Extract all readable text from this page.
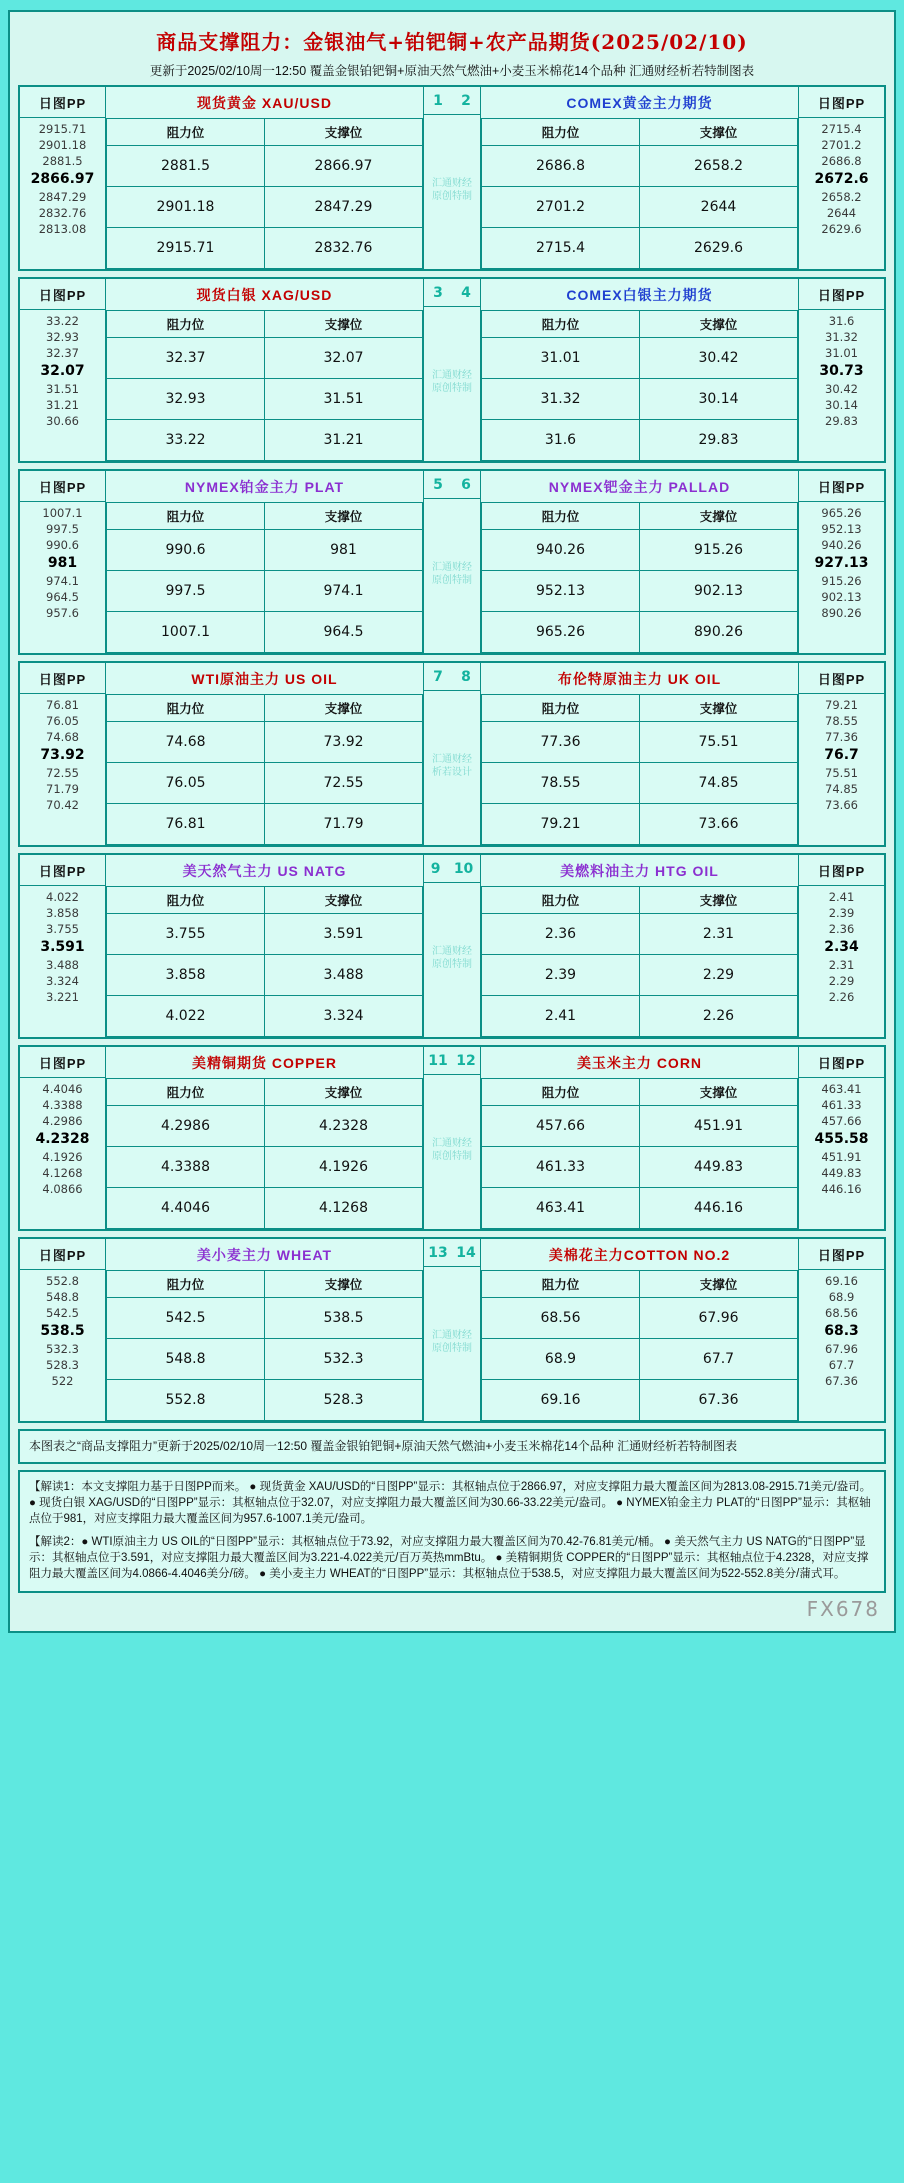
商品支撑阻力：金银油气+铂钯铜+农产品期货(2025/02/10)
更新于2025/02/10周一12:50 覆盖金银铂钯铜+原油天然气燃油+小麦玉米棉花14个品种 汇通财经析若特制图表
日图PP
2915.71
2901.18
2881.5
2866.97
2847.29
2832.76
2813.08
现货黄金 XAU/USD
阻力位	支撑位
2881.5	2866.97
2901.18	2847.29
2915.71	2832.76
1 2
汇通财经
原创特制
COMEX黄金主力期货
阻力位	支撑位
2686.8	2658.2
2701.2	2644
2715.4	2629.6
日图PP
2715.4
2701.2
2686.8
2672.6
2658.2
2644
2629.6
日图PP
33.22
32.93
32.37
32.07
31.51
31.21
30.66
现货白银 XAG/USD
阻力位	支撑位
32.37	32.07
32.93	31.51
33.22	31.21
3 4
汇通财经
原创特制
COMEX白银主力期货
阻力位	支撑位
31.01	30.42
31.32	30.14
31.6	29.83
日图PP
31.6
31.32
31.01
30.73
30.42
30.14
29.83
日图PP
1007.1
997.5
990.6
981
974.1
964.5
957.6
NYMEX铂金主力 PLAT
阻力位	支撑位
990.6	981
997.5	974.1
1007.1	964.5
5 6
汇通财经
原创特制
NYMEX钯金主力 PALLAD
阻力位	支撑位
940.26	915.26
952.13	902.13
965.26	890.26
日图PP
965.26
952.13
940.26
927.13
915.26
902.13
890.26
日图PP
76.81
76.05
74.68
73.92
72.55
71.79
70.42
WTI原油主力 US OIL
阻力位	支撑位
74.68	73.92
76.05	72.55
76.81	71.79
7 8
汇通财经
析若设计
布伦特原油主力 UK OIL
阻力位	支撑位
77.36	75.51
78.55	74.85
79.21	73.66
日图PP
79.21
78.55
77.36
76.7
75.51
74.85
73.66
日图PP
4.022
3.858
3.755
3.591
3.488
3.324
3.221
美天然气主力 US NATG
阻力位	支撑位
3.755	3.591
3.858	3.488
4.022	3.324
9 10
汇通财经
原创特制
美燃料油主力 HTG OIL
阻力位	支撑位
2.36	2.31
2.39	2.29
2.41	2.26
日图PP
2.41
2.39
2.36
2.34
2.31
2.29
2.26
日图PP
4.4046
4.3388
4.2986
4.2328
4.1926
4.1268
4.0866
美精铜期货 COPPER
阻力位	支撑位
4.2986	4.2328
4.3388	4.1926
4.4046	4.1268
11 12
汇通财经
原创特制
美玉米主力 CORN
阻力位	支撑位
457.66	451.91
461.33	449.83
463.41	446.16
日图PP
463.41
461.33
457.66
455.58
451.91
449.83
446.16
日图PP
552.8
548.8
542.5
538.5
532.3
528.3
522
美小麦主力 WHEAT
阻力位	支撑位
542.5	538.5
548.8	532.3
552.8	528.3
13 14
汇通财经
原创特制
美棉花主力COTTON NO.2
阻力位	支撑位
68.56	67.96
68.9	67.7
69.16	67.36
日图PP
69.16
68.9
68.56
68.3
67.96
67.7
67.36
本图表之“商品支撑阻力”更新于2025/02/10周一12:50 覆盖金银铂钯铜+原油天然气燃油+小麦玉米棉花14个品种 汇通财经析若特制图表

【解读1：本文支撑阻力基于日图PP而来。 ● 现货黄金 XAU/USD的“日图PP”显示：其枢轴点位于2866.97，对应支撑阻力最大覆盖区间为2813.08-2915.71美元/盎司。 ● 现货白银 XAG/USD的“日图PP”显示：其枢轴点位于32.07，对应支撑阻力最大覆盖区间为30.66-33.22美元/盎司。 ● NYMEX铂金主力 PLAT的“日图PP”显示：其枢轴点位于981，对应支撑阻力最大覆盖区间为957.6-1007.1美元/盎司。

【解读2：● WTI原油主力 US OIL的“日图PP”显示：其枢轴点位于73.92，对应支撑阻力最大覆盖区间为70.42-76.81美元/桶。 ● 美天然气主力 US NATG的“日图PP”显示：其枢轴点位于3.591，对应支撑阻力最大覆盖区间为3.221-4.022美元/百万英热mmBtu。 ● 美精铜期货 COPPER的“日图PP”显示：其枢轴点位于4.2328，对应支撑阻力最大覆盖区间为4.0866-4.4046美分/磅。 ● 美小麦主力 WHEAT的“日图PP”显示：其枢轴点位于538.5，对应支撑阻力最大覆盖区间为522-552.8美分/蒲式耳。

FX678
